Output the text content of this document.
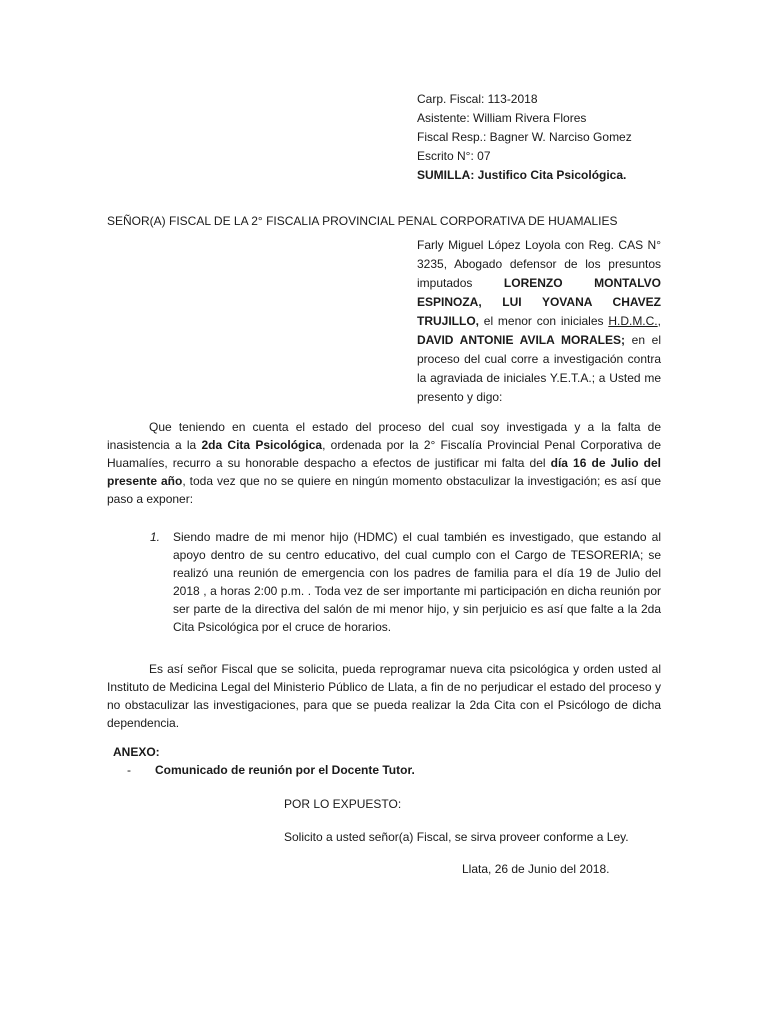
Carp. Fiscal: 113-2018
Asistente: William Rivera Flores
Fiscal Resp.: Bagner W. Narciso Gomez
Escrito N°: 07
SUMILLA: Justifico Cita Psicológica.
SEÑOR(A) FISCAL DE LA 2° FISCALIA PROVINCIAL PENAL CORPORATIVA DE HUAMALIES
Farly Miguel López Loyola con Reg. CAS N° 3235, Abogado defensor de los presuntos imputados LORENZO MONTALVO ESPINOZA, LUI YOVANA CHAVEZ TRUJILLO, el menor con iniciales H.D.M.C., DAVID ANTONIE AVILA MORALES; en el proceso del cual corre a investigación contra la agraviada de iniciales Y.E.T.A.; a Usted me presento y digo:

Que teniendo en cuenta el estado del proceso del cual soy investigada y a la falta de inasistencia a la 2da Cita Psicológica, ordenada por la 2° Fiscalía Provincial Penal Corporativa de Huamalíes, recurro a su honorable despacho a efectos de justificar mi falta del día 16 de Julio del presente año, toda vez que no se quiere en ningún momento obstaculizar la investigación; es así que paso a exponer:

1. Siendo madre de mi menor hijo (HDMC) el cual también es investigado, que estando al apoyo dentro de su centro educativo, del cual cumplo con el Cargo de TESORERIA; se realizó una reunión de emergencia con los padres de familia para el día 19 de Julio del 2018 , a horas 2:00 p.m. . Toda vez de ser importante mi participación en dicha reunión por ser parte de la directiva del salón de mi menor hijo, y sin perjuicio es así que falte a la 2da Cita Psicológica por el cruce de horarios.

Es así señor Fiscal que se solicita, pueda reprogramar nueva cita psicológica y orden usted al Instituto de Medicina Legal del Ministerio Público de Llata, a fin de no perjudicar el estado del proceso y no obstaculizar las investigaciones, para que se pueda realizar la 2da Cita con el Psicólogo de dicha dependencia.

ANEXO:
- Comunicado de reunión por el Docente Tutor.
POR LO EXPUESTO:
Solicito a usted señor(a) Fiscal, se sirva proveer conforme a Ley.
Llata, 26 de Junio del 2018.
